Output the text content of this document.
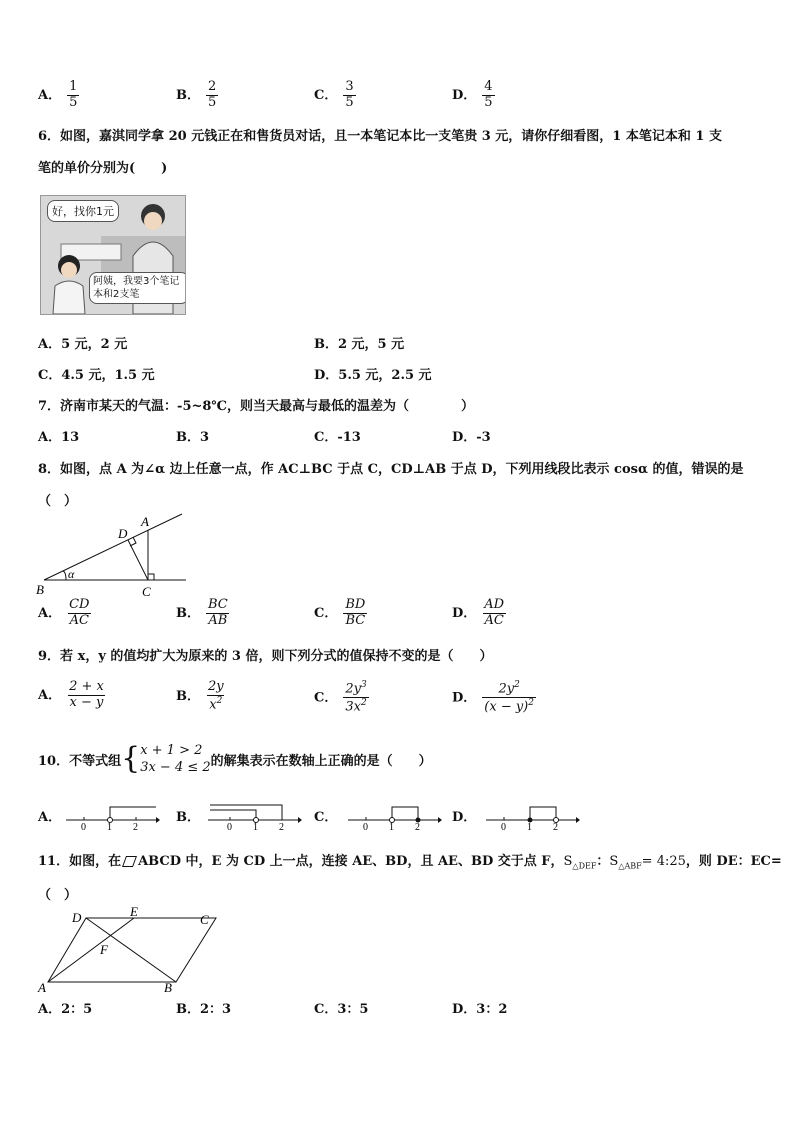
A． $\frac{1}{5}$	B． $\frac{2}{5}$	C． $\frac{3}{5}$	D． $\frac{4}{5}$
6．如图，嘉淇同学拿 20 元钱正在和售货员对话，且一本笔记本比一支笔贵 3 元，请你仔细看图，1 本笔记本和 1 支
笔的单价分别为(　　)
好，找你1元
阿姨，我要3个笔记
本和2支笔
A．5 元，2 元	B．2 元，5 元
C．4.5 元，1.5 元	D．5.5 元，2.5 元
7．济南市某天的气温：-5~8℃，则当天最高与最低的温差为（　　　　）
A．13	B．3	C．-13	D．-3
8．如图，点 A 为∠α 边上任意一点，作 AC⊥BC 于点 C，CD⊥AB 于点 D，下列用线段比表示 cosα 的值，错误的是
（　）
B	C
D
A
α
A． $\frac{CD}{AC}$	B． $\frac{BC}{AB}$	C． $\frac{BD}{BC}$	D． $\frac{AD}{AC}$
9．若 x，y 的值均扩大为原来的 3 倍，则下列分式的值保持不变的是（　　）
A． $\frac{2 + x}{x - y}$	B． $\frac{2y}{x^2}$	C． $\frac{2y^3}{3x^2}$	D． $\frac{2y^2}{(x - y)^2}$
10．不等式组 { x + 1 > 2
3x − 4 ≤ 2 的解集表示在数轴上正确的是（　　）
A．	B．	C．	D．
0 1 2	0 1 2	0 1 2	0 1 2
11．如图，在 ABCD 中，E 为 CD 上一点，连接 AE、BD，且 AE、BD 交于点 F，$S_{\triangle DEF}$：$S_{\triangle ABF}=$ 4:25，则 DE：EC=
（　）
A	B
C
D	E
F
A．2：5	B．2：3	C．3：5	D．3：2
